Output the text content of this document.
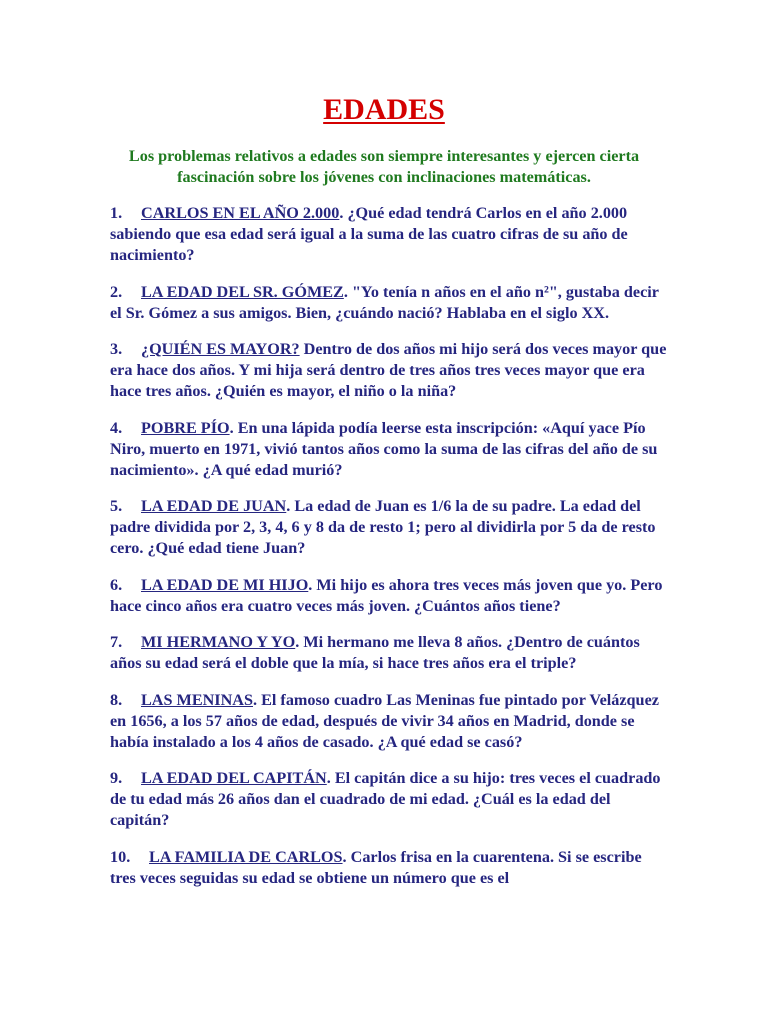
EDADES

Los problemas relativos a edades son siempre interesantes y ejercen cierta fascinación sobre los jóvenes con inclinaciones matemáticas.

1. CARLOS EN EL AÑO 2.000. ¿Qué edad tendrá Carlos en el año 2.000 sabiendo que esa edad será igual a la suma de las cuatro cifras de su año de nacimiento?
2. LA EDAD DEL SR. GÓMEZ. "Yo tenía n años en el año n²", gustaba decir el Sr. Gómez a sus amigos. Bien, ¿cuándo nació? Hablaba en el siglo XX.
3. ¿QUIÉN ES MAYOR? Dentro de dos años mi hijo será dos veces mayor que era hace dos años. Y mi hija será dentro de tres años tres veces mayor que era hace tres años. ¿Quién es mayor, el niño o la niña?
4. POBRE PÍO. En una lápida podía leerse esta inscripción: «Aquí yace Pío Niro, muerto en 1971, vivió tantos años como la suma de las cifras del año de su nacimiento». ¿A qué edad murió?
5. LA EDAD DE JUAN. La edad de Juan es 1/6 la de su padre. La edad del padre dividida por 2, 3, 4, 6 y 8 da de resto 1; pero al dividirla por 5 da de resto cero. ¿Qué edad tiene Juan?
6. LA EDAD DE MI HIJO. Mi hijo es ahora tres veces más joven que yo. Pero hace cinco años era cuatro veces más joven. ¿Cuántos años tiene?
7. MI HERMANO Y YO. Mi hermano me lleva 8 años. ¿Dentro de cuántos años su edad será el doble que la mía, si hace tres años era el triple?
8. LAS MENINAS. El famoso cuadro Las Meninas fue pintado por Velázquez en 1656, a los 57 años de edad, después de vivir 34 años en Madrid, donde se había instalado a los 4 años de casado. ¿A qué edad se casó?
9. LA EDAD DEL CAPITÁN. El capitán dice a su hijo: tres veces el cuadrado de tu edad más 26 años dan el cuadrado de mi edad. ¿Cuál es la edad del capitán?
10. LA FAMILIA DE CARLOS. Carlos frisa en la cuarentena. Si se escribe tres veces seguidas su edad se obtiene un número que es el
